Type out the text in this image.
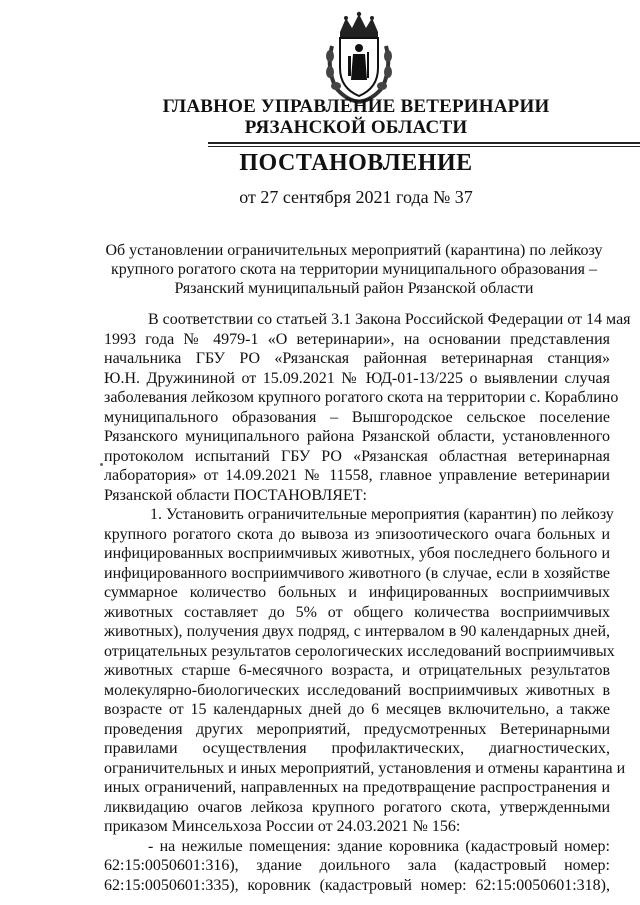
ГЛАВНОЕ УПРАВЛЕНИЕ ВЕТЕРИНАРИИ
РЯЗАНСКОЙ ОБЛАСТИ
ПОСТАНОВЛЕНИЕ
от 27 сентября 2021 года № 37
Об установлении ограничительных мероприятий (карантина) по лейкозу
крупного рогатого скота на территории муниципального образования –
Рязанский муниципальный район Рязанской области
В соответствии со статьей 3.1 Закона Российской Федерации от 14 мая
1993 года № 4979-1 «О ветеринарии», на основании представления
начальника ГБУ РО «Рязанская районная ветеринарная станция»
Ю.Н. Дружининой от 15.09.2021 № ЮД-01-13/225 о выявлении случая
заболевания лейкозом крупного рогатого скота на территории с. Кораблино
муниципального образования – Вышгородское сельское поселение
Рязанского муниципального района Рязанской области, установленного
протоколом испытаний ГБУ РО «Рязанская областная ветеринарная
лаборатория» от 14.09.2021 № 11558, главное управление ветеринарии
Рязанской области ПОСТАНОВЛЯЕТ:
1. Установить ограничительные мероприятия (карантин) по лейкозу
крупного рогатого скота до вывоза из эпизоотического очага больных и
инфицированных восприимчивых животных, убоя последнего больного и
инфицированного восприимчивого животного (в случае, если в хозяйстве
суммарное количество больных и инфицированных восприимчивых
животных составляет до 5% от общего количества восприимчивых
животных), получения двух подряд, с интервалом в 90 календарных дней,
отрицательных результатов серологических исследований восприимчивых
животных старше 6-месячного возраста, и отрицательных результатов
молекулярно-биологических исследований восприимчивых животных в
возрасте от 15 календарных дней до 6 месяцев включительно, а также
проведения других мероприятий, предусмотренных Ветеринарными
правилами осуществления профилактических, диагностических,
ограничительных и иных мероприятий, установления и отмены карантина и
иных ограничений, направленных на предотвращение распространения и
ликвидацию очагов лейкоза крупного рогатого скота, утвержденными
приказом Минсельхоза России от 24.03.2021 № 156:
- на нежилые помещения: здание коровника (кадастровый номер:
62:15:0050601:316), здание доильного зала (кадастровый номер:
62:15:0050601:335), коровник (кадастровый номер: 62:15:0050601:318),
